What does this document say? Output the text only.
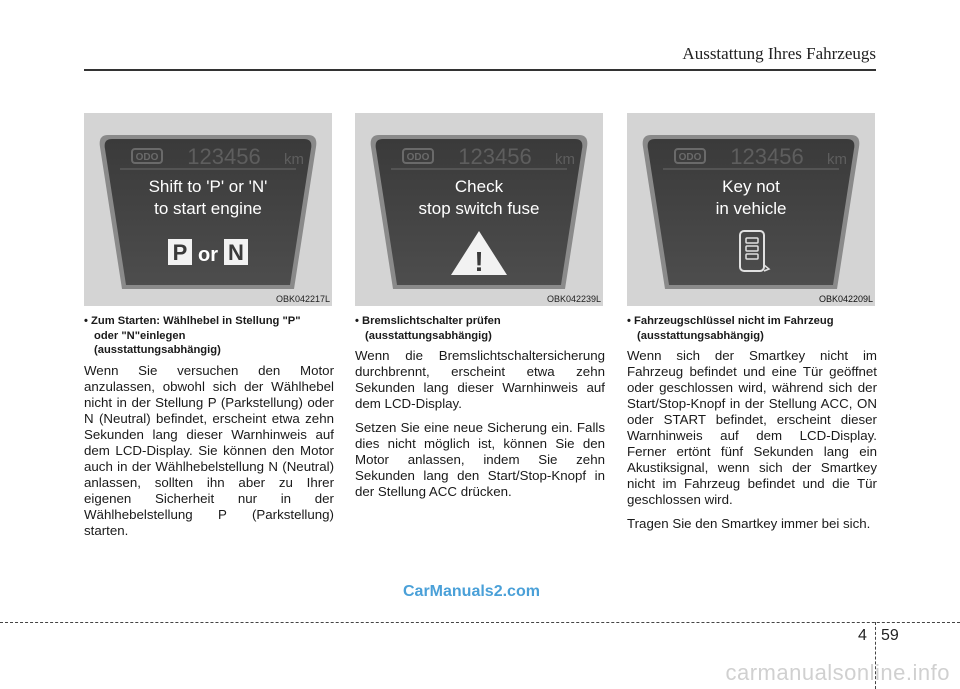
Ausstattung Ihres Fahrzeugs
ODO 123456 km
Shift to 'P' or 'N'
to start engine
P or N
OBK042217L
ODO 123456 km
Check
stop switch fuse
!
OBK042239L
ODO 123456 km
Key not
in vehicle
OBK042209L
• Zum Starten: Wählhebel in Stellung "P"
oder "N"einlegen
(ausstattungsabhängig)
Wenn Sie versuchen den Motor anzulassen, obwohl sich der Wählhebel nicht in der Stellung P (Parkstellung) oder N (Neutral) befindet, erscheint etwa zehn Sekunden lang dieser Warnhinweis auf dem LCD-Display. Sie können den Motor auch in der Wählhebelstellung N (Neutral) anlassen, sollten ihn aber zu Ihrer eigenen Sicherheit nur in der Wählhebelstellung P (Parkstellung) starten.
• Bremslichtschalter prüfen
(ausstattungsabhängig)
Wenn die Bremslichtschaltersicherung durchbrennt, erscheint etwa zehn Sekunden lang dieser Warnhinweis auf dem LCD-Display.
Setzen Sie eine neue Sicherung ein. Falls dies nicht möglich ist, können Sie den Motor anlassen, indem Sie zehn Sekunden lang den Start/Stop-Knopf in der Stellung ACC drücken.
• Fahrzeugschlüssel nicht im Fahrzeug
(ausstattungsabhängig)
Wenn sich der Smartkey nicht im Fahrzeug befindet und eine Tür geöffnet oder geschlossen wird, während sich der Start/Stop-Knopf in der Stellung ACC, ON oder START befindet, erscheint dieser Warnhinweis auf dem LCD-Display. Ferner ertönt fünf Sekunden lang ein Akustiksignal, wenn sich der Smartkey nicht im Fahrzeug befindet und die Tür geschlossen wird.
Tragen Sie den Smartkey immer bei sich.
CarManuals2.com
4 59
carmanualsonline.info
